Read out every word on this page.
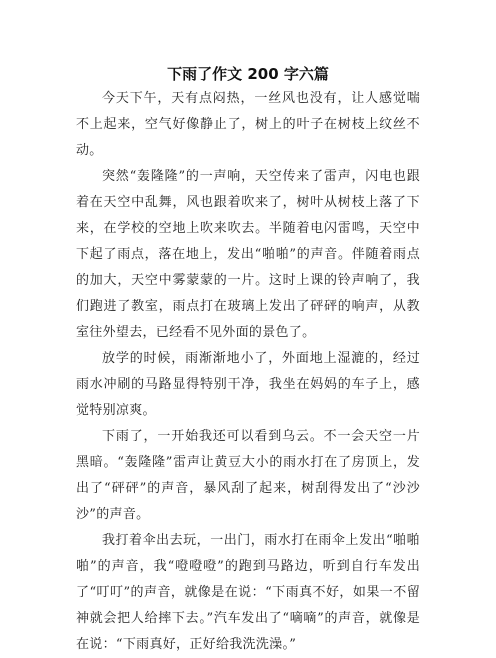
下雨了作文 200 字六篇

今天下午，天有点闷热，一丝风也没有，让人感觉喘不上起来，空气好像静止了，树上的叶子在树枝上纹丝不动。

突然“轰隆隆”的一声响，天空传来了雷声，闪电也跟着在天空中乱舞，风也跟着吹来了，树叶从树枝上落了下来，在学校的空地上吹来吹去。半随着电闪雷鸣，天空中下起了雨点，落在地上，发出“啪啪”的声音。伴随着雨点的加大，天空中雾蒙蒙的一片。这时上课的铃声响了，我们跑进了教室，雨点打在玻璃上发出了砰砰的响声，从教室往外望去，已经看不见外面的景色了。

放学的时候，雨渐渐地小了，外面地上湿漉的，经过雨水冲刷的马路显得特别干净，我坐在妈妈的车子上，感觉特别凉爽。

下雨了，一开始我还可以看到乌云。不一会天空一片黑暗。“轰隆隆”雷声让黄豆大小的雨水打在了房顶上，发出了“砰砰”的声音，暴风刮了起来，树刮得发出了“沙沙沙”的声音。

我打着伞出去玩，一出门，雨水打在雨伞上发出“啪啪啪”的声音，我“噔噔噔”的跑到马路边，听到自行车发出了“叮叮”的声音，就像是在说：“下雨真不好，如果一不留神就会把人给摔下去。”汽车发出了“嘀嘀”的声音，就像是在说：“下雨真好，正好给我洗洗澡。”
